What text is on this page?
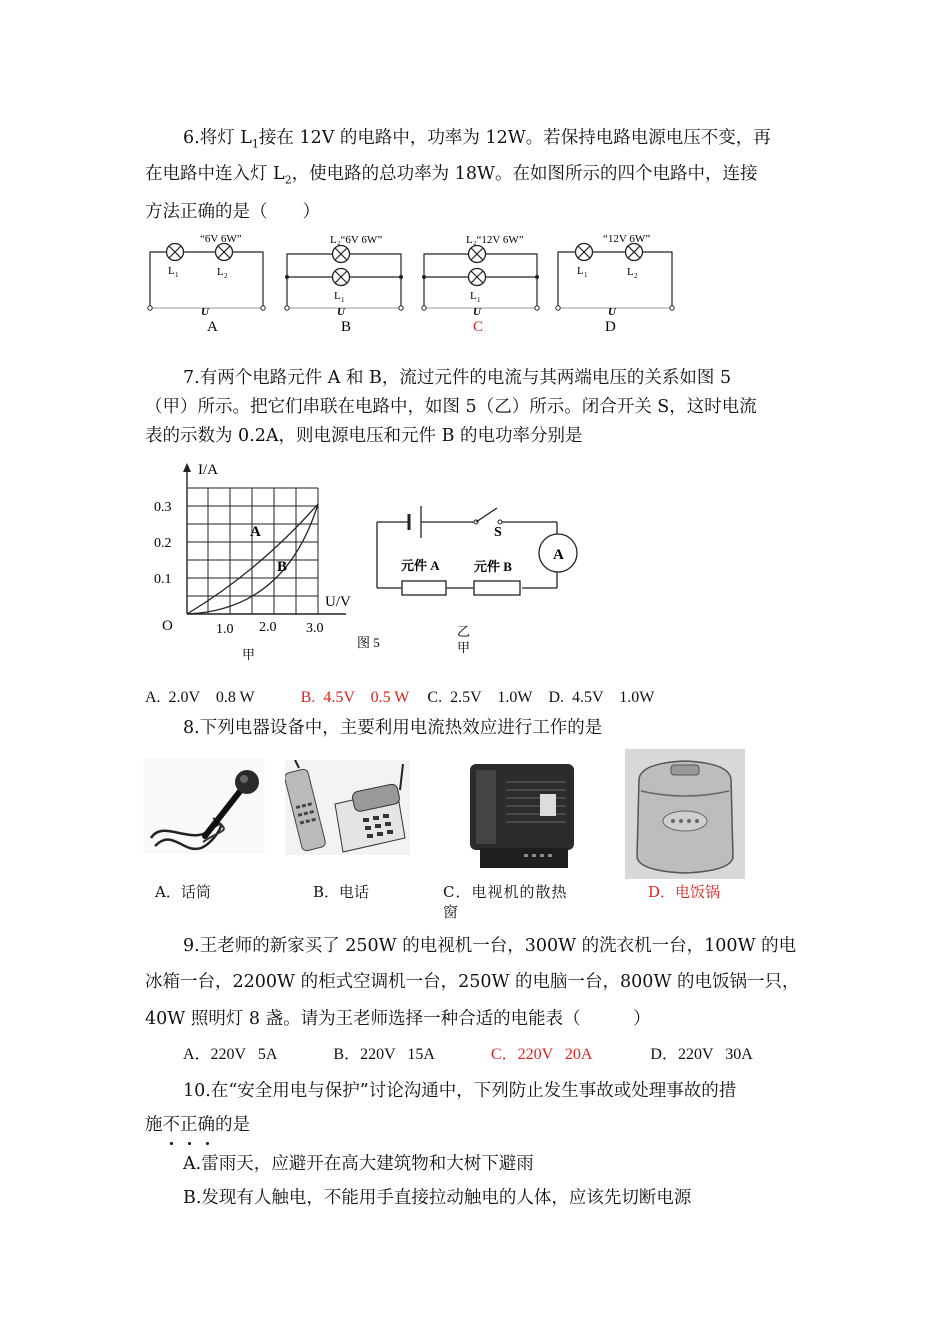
6.将灯 $L_1$接在 12V 的电路中，功率为 12W。若保持电路电源电压不变，再
在电路中连入灯 $L_2$，使电路的总功率为 18W。在如图所示的四个电路中，连接
方法正确的是（　　）
“6V 6W”
L 1	L 2
U
A
L₂“6V 6W”
L 1
U
B
L₂“12V 6W”
L 1
U
C
“12V 6W”
L 1	L 2
U
D
7.有两个电路元件 A 和 B，流过元件的电流与其两端电压的关系如图 5
（甲）所示。把它们串联在电路中，如图 5（乙）所示。闭合开关 S，这时电流
表的示数为 0.2A，则电源电压和元件 B 的电功率分别是
I/A
U/V
O
0.3
0.2
0.1
1.0 2.0 3.0
A
B
甲
S
A
元件 A	元件 B
图 5
乙
甲
A.  2.0V    0.8 W	B.  4.5V    0.5 W C.  2.5V    1.0W D.  4.5V    1.0W
8.下列电器设备中，主要利用电流热效应进行工作的是
A．话筒	B．电话	C．电视机的散热
窗
D．电饭锅
9.王老师的新家买了 250W 的电视机一台，300W 的洗衣机一台，100W 的电
冰箱一台，2200W 的柜式空调机一台，250W 的电脑一台，800W 的电饭锅一只，
40W 照明灯 8 盏。请为王老师选择一种合适的电能表（　　　）
A．220V   5A	B．220V   15A	C．220V   20A	D．220V   30A
10.在“安全用电与保护”讨论沟通中，下列防止发生事故或处理事故的措
施不正确
的是
A.雷雨天，应避开在高大建筑物和大树下避雨
B.发现有人触电，不能用手直接拉动触电的人体，应该先切断电源
